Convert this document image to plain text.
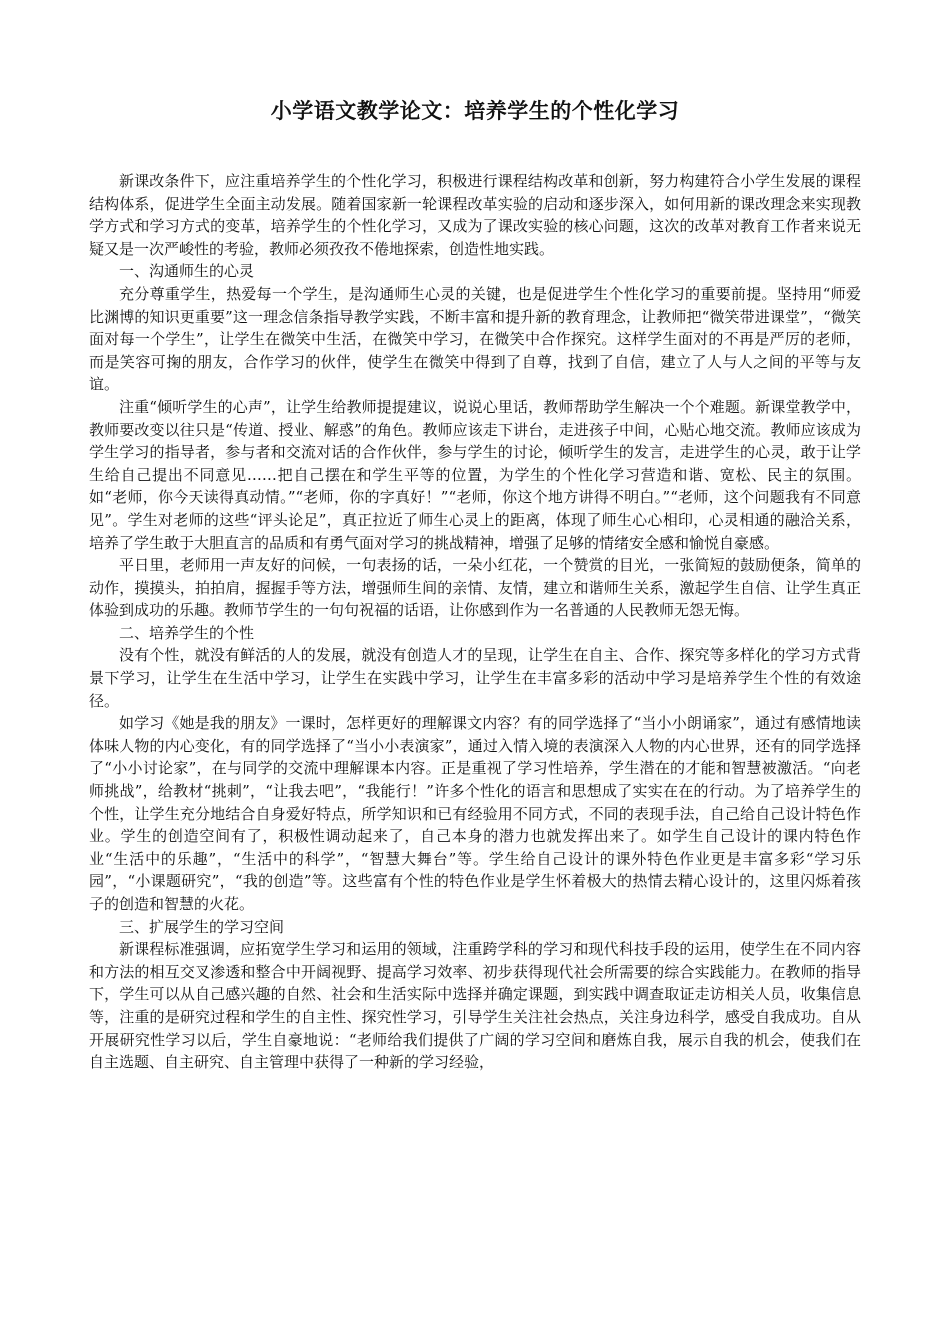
小学语文教学论文：培养学生的个性化学习

新课改条件下，应注重培养学生的个性化学习，积极进行课程结构改革和创新，努力构建符合小学生发展的课程结构体系，促进学生全面主动发展。随着国家新一轮课程改革实验的启动和逐步深入，如何用新的课改理念来实现教学方式和学习方式的变革，培养学生的个性化学习，又成为了课改实验的核心问题，这次的改革对教育工作者来说无疑又是一次严峻性的考验，教师必须孜孜不倦地探索，创造性地实践。

一、沟通师生的心灵

充分尊重学生，热爱每一个学生，是沟通师生心灵的关键，也是促进学生个性化学习的重要前提。坚持用“师爱比渊博的知识更重要”这一理念信条指导教学实践，不断丰富和提升新的教育理念，让教师把“微笑带进课堂”，“微笑面对每一个学生”，让学生在微笑中生活，在微笑中学习，在微笑中合作探究。这样学生面对的不再是严厉的老师，而是笑容可掬的朋友，合作学习的伙伴，使学生在微笑中得到了自尊，找到了自信，建立了人与人之间的平等与友谊。

注重“倾听学生的心声”，让学生给教师提提建议，说说心里话，教师帮助学生解决一个个难题。新课堂教学中，教师要改变以往只是“传道、授业、解惑”的角色。教师应该走下讲台，走进孩子中间，心贴心地交流。教师应该成为学生学习的指导者，参与者和交流对话的合作伙伴，参与学生的讨论，倾听学生的发言，走进学生的心灵，敢于让学生给自己提出不同意见……把自己摆在和学生平等的位置，为学生的个性化学习营造和谐、宽松、民主的氛围。如“老师，你今天读得真动情。”“老师，你的字真好！”“老师，你这个地方讲得不明白。”“老师，这个问题我有不同意见”。学生对老师的这些“评头论足”，真正拉近了师生心灵上的距离，体现了师生心心相印，心灵相通的融洽关系，培养了学生敢于大胆直言的品质和有勇气面对学习的挑战精神，增强了足够的情绪安全感和愉悦自豪感。

平日里，老师用一声友好的问候，一句表扬的话，一朵小红花，一个赞赏的目光，一张简短的鼓励便条，简单的动作，摸摸头，拍拍肩，握握手等方法，增强师生间的亲情、友情，建立和谐师生关系，激起学生自信、让学生真正体验到成功的乐趣。教师节学生的一句句祝福的话语，让你感到作为一名普通的人民教师无怨无悔。

二、培养学生的个性

没有个性，就没有鲜活的人的发展，就没有创造人才的呈现，让学生在自主、合作、探究等多样化的学习方式背景下学习，让学生在生活中学习，让学生在实践中学习，让学生在丰富多彩的活动中学习是培养学生个性的有效途径。

如学习《她是我的朋友》一课时，怎样更好的理解课文内容？有的同学选择了“当小小朗诵家”，通过有感情地读体味人物的内心变化，有的同学选择了“当小小表演家”，通过入情入境的表演深入人物的内心世界，还有的同学选择了“小小讨论家”，在与同学的交流中理解课本内容。正是重视了学习性培养，学生潜在的才能和智慧被激活。“向老师挑战”，给教材“挑刺”，“让我去吧”，“我能行！”许多个性化的语言和思想成了实实在在的行动。为了培养学生的个性，让学生充分地结合自身爱好特点，所学知识和已有经验用不同方式，不同的表现手法，自己给自己设计特色作业。学生的创造空间有了，积极性调动起来了，自己本身的潜力也就发挥出来了。如学生自己设计的课内特色作业“生活中的乐趣”，“生活中的科学”，“智慧大舞台”等。学生给自己设计的课外特色作业更是丰富多彩“学习乐园”，“小课题研究”，“我的创造”等。这些富有个性的特色作业是学生怀着极大的热情去精心设计的，这里闪烁着孩子的创造和智慧的火花。

三、扩展学生的学习空间

新课程标准强调，应拓宽学生学习和运用的领域，注重跨学科的学习和现代科技手段的运用，使学生在不同内容和方法的相互交叉渗透和整合中开阔视野、提高学习效率、初步获得现代社会所需要的综合实践能力。在教师的指导下，学生可以从自己感兴趣的自然、社会和生活实际中选择并确定课题，到实践中调查取证走访相关人员，收集信息等，注重的是研究过程和学生的自主性、探究性学习，引导学生关注社会热点，关注身边科学，感受自我成功。自从开展研究性学习以后，学生自豪地说：“老师给我们提供了广阔的学习空间和磨炼自我，展示自我的机会，使我们在自主选题、自主研究、自主管理中获得了一种新的学习经验，
